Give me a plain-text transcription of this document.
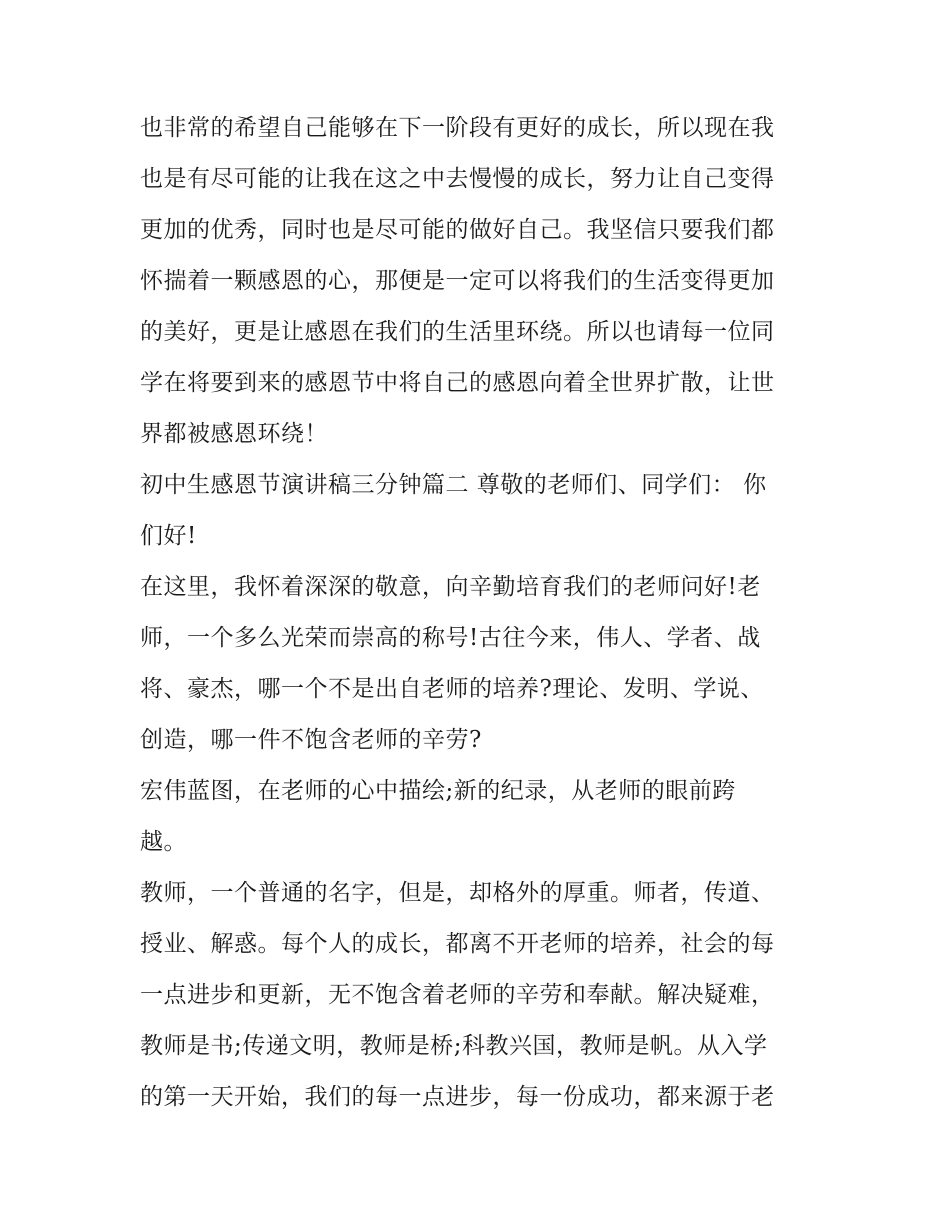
也非常的希望自己能够在下一阶段有更好的成长，所以现在我
也是有尽可能的让我在这之中去慢慢的成长，努力让自己变得
更加的优秀，同时也是尽可能的做好自己。我坚信只要我们都
怀揣着一颗感恩的心，那便是一定可以将我们的生活变得更加
的美好，更是让感恩在我们的生活里环绕。所以也请每一位同
学在将要到来的感恩节中将自己的感恩向着全世界扩散，让世
界都被感恩环绕！
初中生感恩节演讲稿三分钟篇二 尊敬的老师们、同学们： 你
们好!
在这里，我怀着深深的敬意，向辛勤培育我们的老师问好!老
师，一个多么光荣而崇高的称号!古往今来，伟人、学者、战
将、豪杰，哪一个不是出自老师的培养?理论、发明、学说、
创造，哪一件不饱含老师的辛劳?
宏伟蓝图，在老师的心中描绘;新的纪录，从老师的眼前跨
越。
教师，一个普通的名字，但是，却格外的厚重。师者，传道、
授业、解惑。每个人的成长，都离不开老师的培养，社会的每
一点进步和更新，无不饱含着老师的辛劳和奉献。解决疑难，
教师是书;传递文明，教师是桥;科教兴国，教师是帆。从入学
的第一天开始，我们的每一点进步，每一份成功，都来源于老
